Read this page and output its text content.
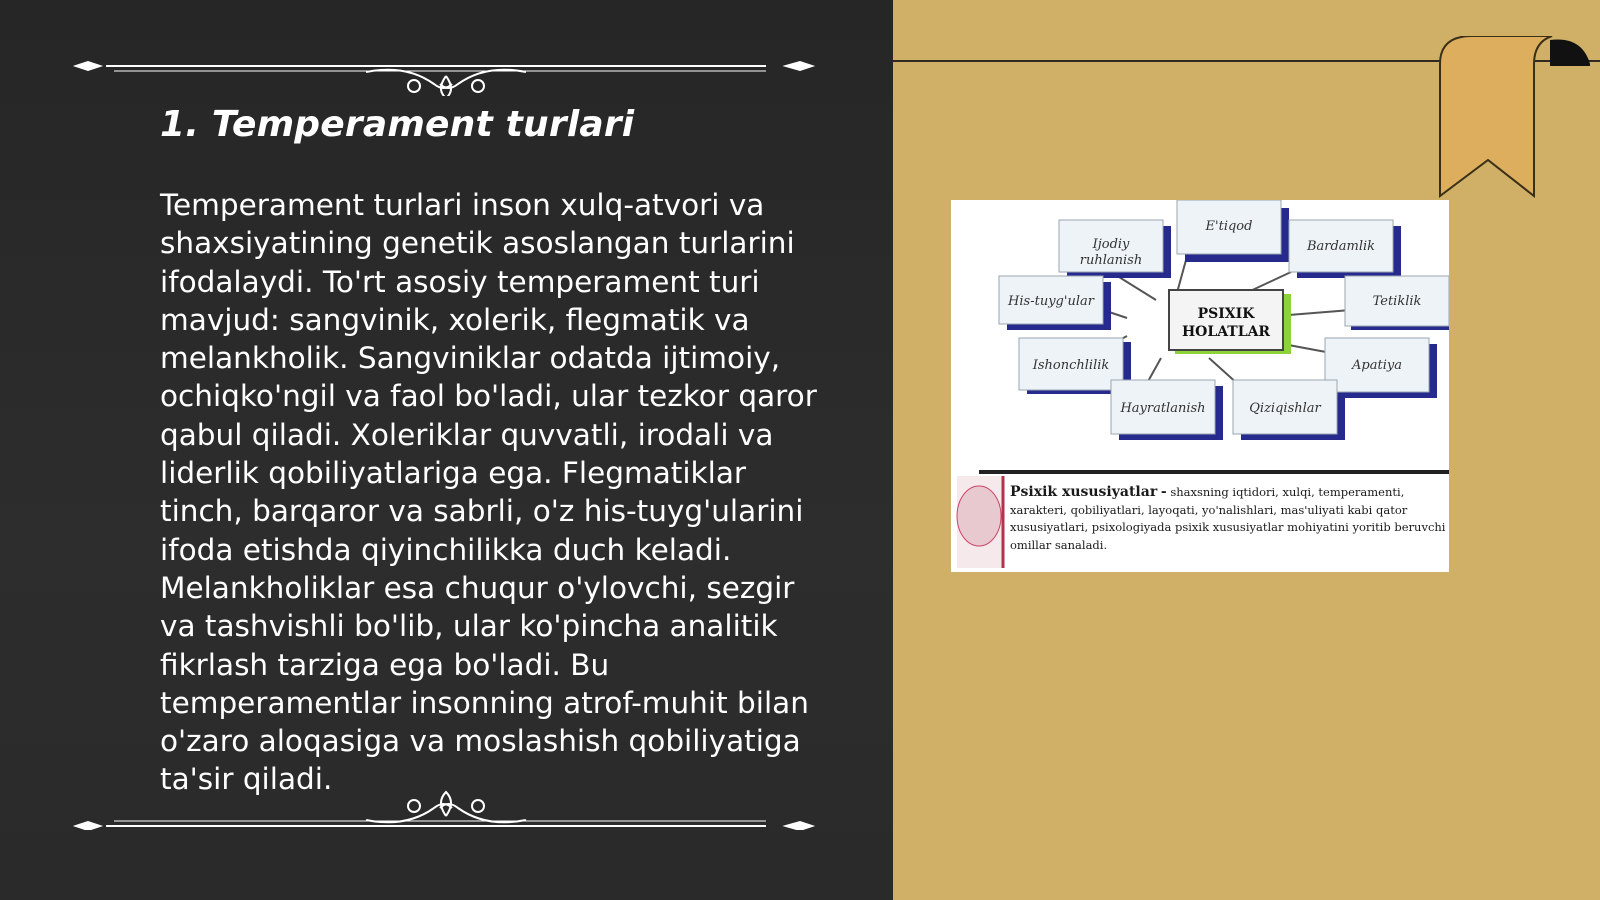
1. Temperament turlari

Temperament turlari inson xulq-atvori va shaxsiyatining genetik asoslangan turlarini ifodalaydi. To'rt asosiy temperament turi mavjud: sangvinik, xolerik, flegmatik va melankholik. Sangviniklar odatda ijtimoiy, ochiqko'ngil va faol bo'ladi, ular tezkor qaror qabul qiladi. Xoleriklar quvvatli, irodali va liderlik qobiliyatlariga ega. Flegmatiklar tinch, barqaror va sabrli, o'z his-tuyg'ularini ifoda etishda qiyinchilikka duch keladi. Melankholiklar esa chuqur o'ylovchi, sezgir va tashvishli bo'lib, ular ko'pincha analitik fikrlash tarziga ega bo'ladi. Bu temperamentlar insonning atrof-muhit bilan o'zaro aloqasiga va moslashish qobiliyatiga ta'sir qiladi.

PSIXIK
HOLATLAR
E'tiqod
Ijodiy
ruhlanish
Bardamlik
His-tuyg'ular	Tetiklik
Ishonchlilik	Apatiya
Hayratlanish	Qiziqishlar
Psixik xususiyatlar - shaxsning iqtidori, xulqi, temperamenti, xarakteri, qobiliyatlari, layoqati, yo'nalishlari, mas'uliyati kabi qator xususiyatlari, psixologiyada psixik xususiyatlar mohiyatini yoritib beruvchi omillar sanaladi.
